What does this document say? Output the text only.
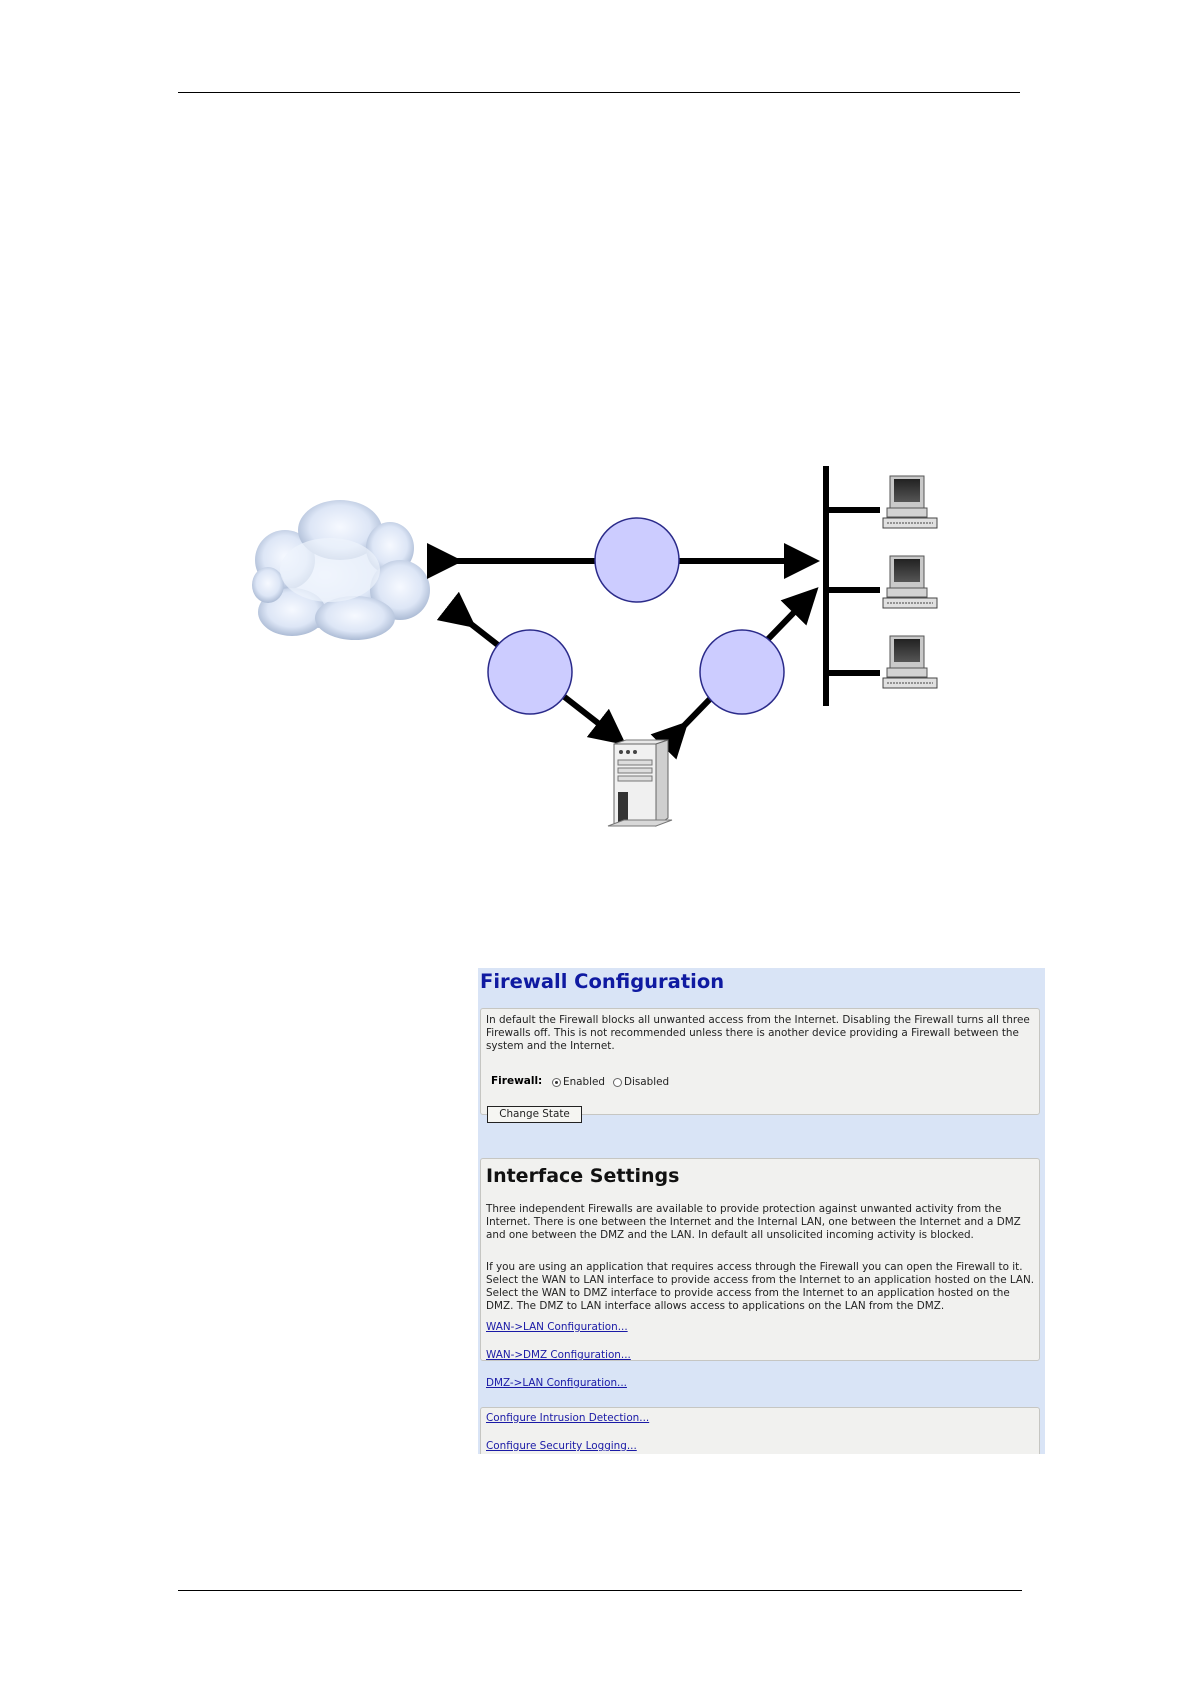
Firewall Configuration
In default the Firewall blocks all unwanted access from the Internet. Disabling the Firewall turns all three Firewalls off. This is not recommended unless there is another device providing a Firewall between the system and the Internet.
Firewall: Enabled Disabled
Change State
Interface Settings
Three independent Firewalls are available to provide protection against unwanted activity from the Internet. There is one between the Internet and the Internal LAN, one between the Internet and a DMZ and one between the DMZ and the LAN. In default all unsolicited incoming activity is blocked.
If you are using an application that requires access through the Firewall you can open the Firewall to it. Select the WAN to LAN interface to provide access from the Internet to an application hosted on the LAN. Select the WAN to DMZ interface to provide access from the Internet to an application hosted on the DMZ. The DMZ to LAN interface allows access to applications on the LAN from the DMZ.
WAN->LAN Configuration...
WAN->DMZ Configuration...
DMZ->LAN Configuration...
Configure Intrusion Detection...
Configure Security Logging...
